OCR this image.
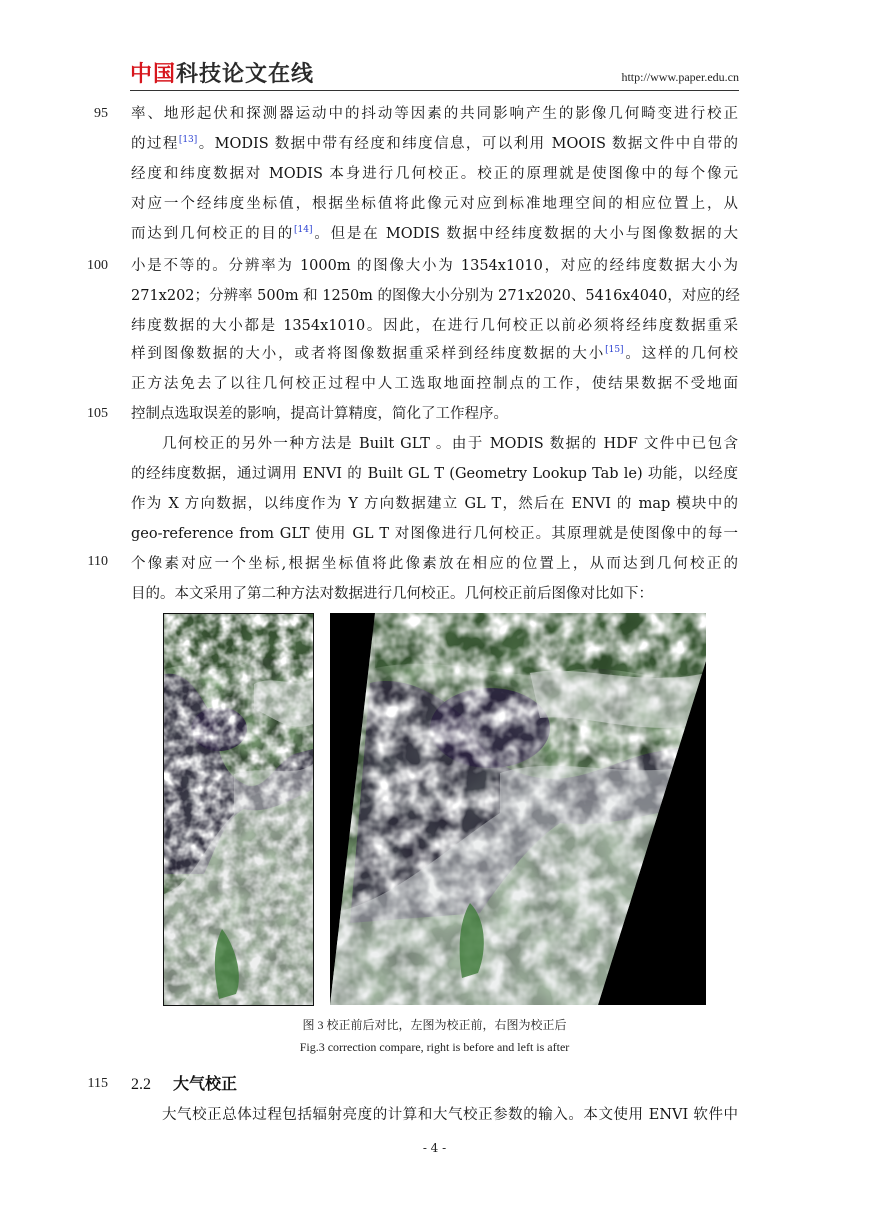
中国科技论文在线	http://www.paper.edu.cn
95
100
105
110
115
率、地形起伏和探测器运动中的抖动等因素的共同影响产生的影像几何畸变进行校正
的过程[13]。MODIS 数据中带有经度和纬度信息，可以利用 MOOIS 数据文件中自带的
经度和纬度数据对 MODIS 本身进行几何校正。校正的原理就是使图像中的每个像元
对应一个经纬度坐标值，根据坐标值将此像元对应到标准地理空间的相应位置上，从
而达到几何校正的目的[14]。但是在 MODIS 数据中经纬度数据的大小与图像数据的大
小是不等的。分辨率为 1000m 的图像大小为 1354x1010，对应的经纬度数据大小为
271x202；分辨率 500m 和 1250m 的图像大小分别为 271x2020、5416x4040，对应的经
纬度数据的大小都是 1354x1010。因此，在进行几何校正以前必须将经纬度数据重采
样到图像数据的大小，或者将图像数据重采样到经纬度数据的大小[15]。这样的几何校
正方法免去了以往几何校正过程中人工选取地面控制点的工作，使结果数据不受地面
控制点选取误差的影响，提高计算精度，简化了工作程序。
几何校正的另外一种方法是 Built GLT 。由于 MODIS 数据的 HDF 文件中已包含
的经纬度数据，通过调用 ENVI 的 Built GL T (Geometry Lookup Tab le) 功能，以经度
作为 X 方向数据，以纬度作为 Y 方向数据建立 GL T，然后在 ENVI 的 map 模块中的
geo-reference from GLT 使用 GL T 对图像进行几何校正。其原理就是使图像中的每一
个像素对应一个坐标,根据坐标值将此像素放在相应的位置上，从而达到几何校正的
目的。本文采用了第二种方法对数据进行几何校正。几何校正前后图像对比如下：
图 3 校正前后对比，左图为校正前，右图为校正后
Fig.3 correction compare, right is before and left is after
2.2 大气校正
大气校正总体过程包括辐射亮度的计算和大气校正参数的输入。本文使用 ENVI 软件中
- 4 -
